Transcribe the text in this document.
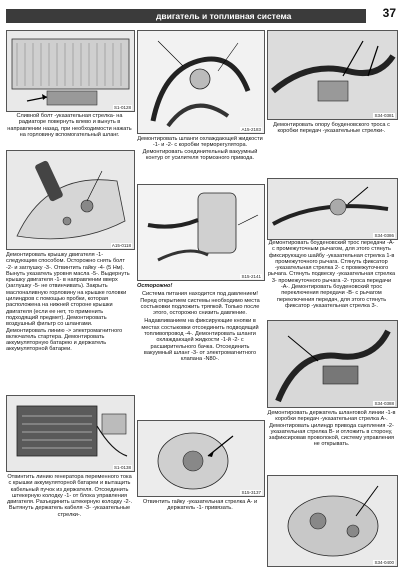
двигатель и топливная система	37
S1-0128

Сливной болт -указательная стрелка- на радиаторе повернуть влево и вынуть в направлении назад, при необходимости нажать на горловину вспомогательный шланг.

A15-0118

Демонтировать крышку двигателя -1- следующим способом. Осторожно снять болт -2- и заглушку -3-. Отвинтить гайку -4- (5 Нм). Вынуть указатель уровня масла -5-. Выдернуть крышку двигателя -1- в направлении вверх (заглушку -5- не отвинчивать). Закрыть маслоналивную горловину на крышке головки цилиндров с помощью пробки, которая расположена на нижней стороне крышки двигателя (если ее нет, то применить подходящий предмет). Демонтировать воздушный фильтр со шлангами. Демонтировать линию -> электромагнитного включатель стартера. Демонтировать аккумуляторную батарею и держатель аккумуляторной батареи.

S1-0138

Отвинтить линию генератора переменного тока с крышки аккумуляторной батареи и вытащить кабельный пучок из держателя. Отсоединить штекерную колодку -1- от блока управления двигателя. Разъединить штекерную колодку -2-. Вытянуть держатель кабеля -3- -указательные стрелки-.

A15-2183

Демонтировать шланги охлаждающей жидкости -1- и -2- с коробки терморегулятора. Демонтировать соединительный вакуумный контур от усилителя тормозного привода.

S15-2141

Осторожно!

Система питания находится под давлением! Перед открытием системы необходимо места состыковки подложить тряпкой. Только после этого, осторожно снизить давление.

Надавливанием на фиксирующие кнопки в местах состыковки отсоединить подводящий топливопровод -4-. Демонтировать шланги охлаждающей жидкости -1-й -2- с расширительного бачка. Отсоединить вакуумный шланг -3- от электромагнитного клапана -N80-.

S15-3137

Отвинтить гайку -указательная стрелка А- и держатель -1- привязать.

S34-0381

Демонтировать опору боуденовского троса с коробки передач -указательные стрелки-.

S34-0386

Демонтировать боуденовский трос передачи -А- с промежуточным рычагом, для этого стянуть фиксирующую шайбу -указательная стрелка 1-в промежуточного рычага. Стянуть фиксатор -указательная стрелка 2- с промежуточного рычага. Стянуть подвеску -указательная стрелка 3- промежуточного рычага -2- троса передачи -А-. Демонтировать боуденовский трос переключения передачи -В- с рычагом переключения передач, для этого стянуть фиксатор -указательная стрелка 3-.

S34-0388

Демонтировать держатель шланговой линии -1-в коробки передач -указательная стрелка А-. Демонтировать цилиндр привода сцепления -2- указательная стрелка В- и отложить в сторону, зафиксировав проволокой, систему управления не открывать.

S34-0400
